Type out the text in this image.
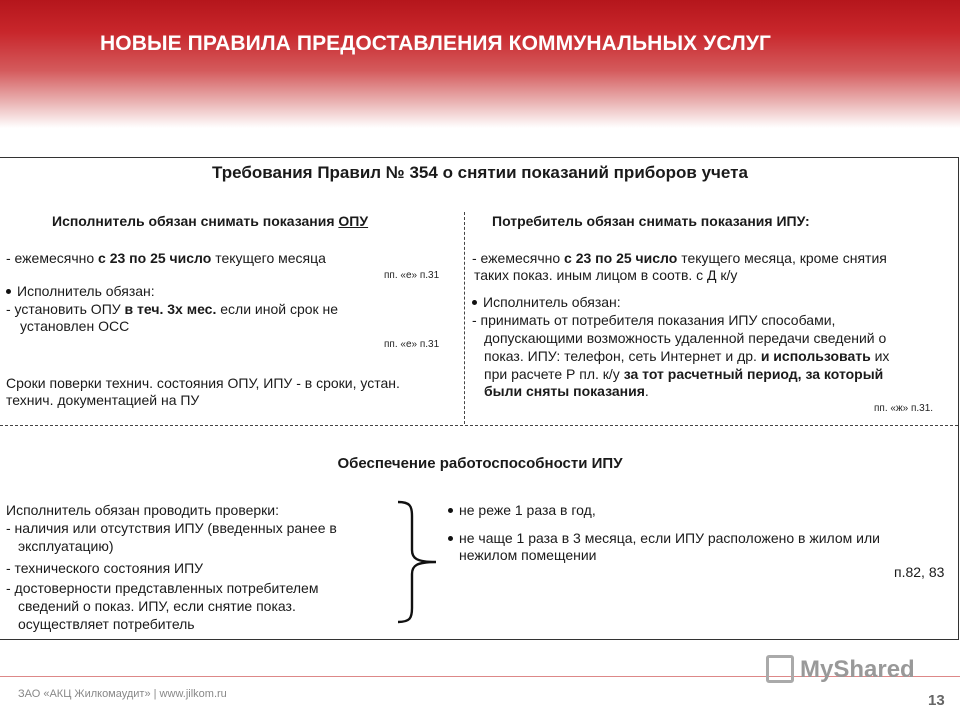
НОВЫЕ ПРАВИЛА ПРЕДОСТАВЛЕНИЯ КОММУНАЛЬНЫХ УСЛУГ
Требования Правил № 354 о снятии показаний приборов учета
Исполнитель обязан снимать показания ОПУ	Потребитель обязан снимать показания ИПУ:
- ежемесячно с 23 по 25 число текущего месяца
пп. «е» п.31
Исполнитель обязан:
- установить ОПУ в теч. 3х мес. если иной срок не
установлен ОСС
пп. «е» п.31
Сроки поверки технич. состояния ОПУ, ИПУ - в сроки, устан.
технич. документацией на ПУ
- ежемесячно с 23 по 25 число текущего месяца, кроме снятия
таких показ. иным лицом в соотв. с Д к/у
Исполнитель обязан:
- принимать от потребителя показания ИПУ способами,
допускающими возможность удаленной передачи сведений о
показ. ИПУ: телефон, сеть Интернет и др. и использовать их
при расчете Р пл. к/у за тот расчетный период, за который
были сняты показания.
пп. «ж» п.31.
Обеспечение работоспособности ИПУ
Исполнитель обязан проводить проверки:
- наличия или отсутствия ИПУ (введенных ранее в
эксплуатацию)
- технического состояния ИПУ
- достоверности представленных потребителем
сведений о показ. ИПУ, если снятие показ.
осуществляет потребитель
не реже 1 раза в год,
не чаще 1 раза в 3 месяца, если ИПУ расположено в жилом или
нежилом помещении
п.82, 83
ЗАО «АКЦ Жилкомаудит» | www.jilkom.ru
MyShared
13
